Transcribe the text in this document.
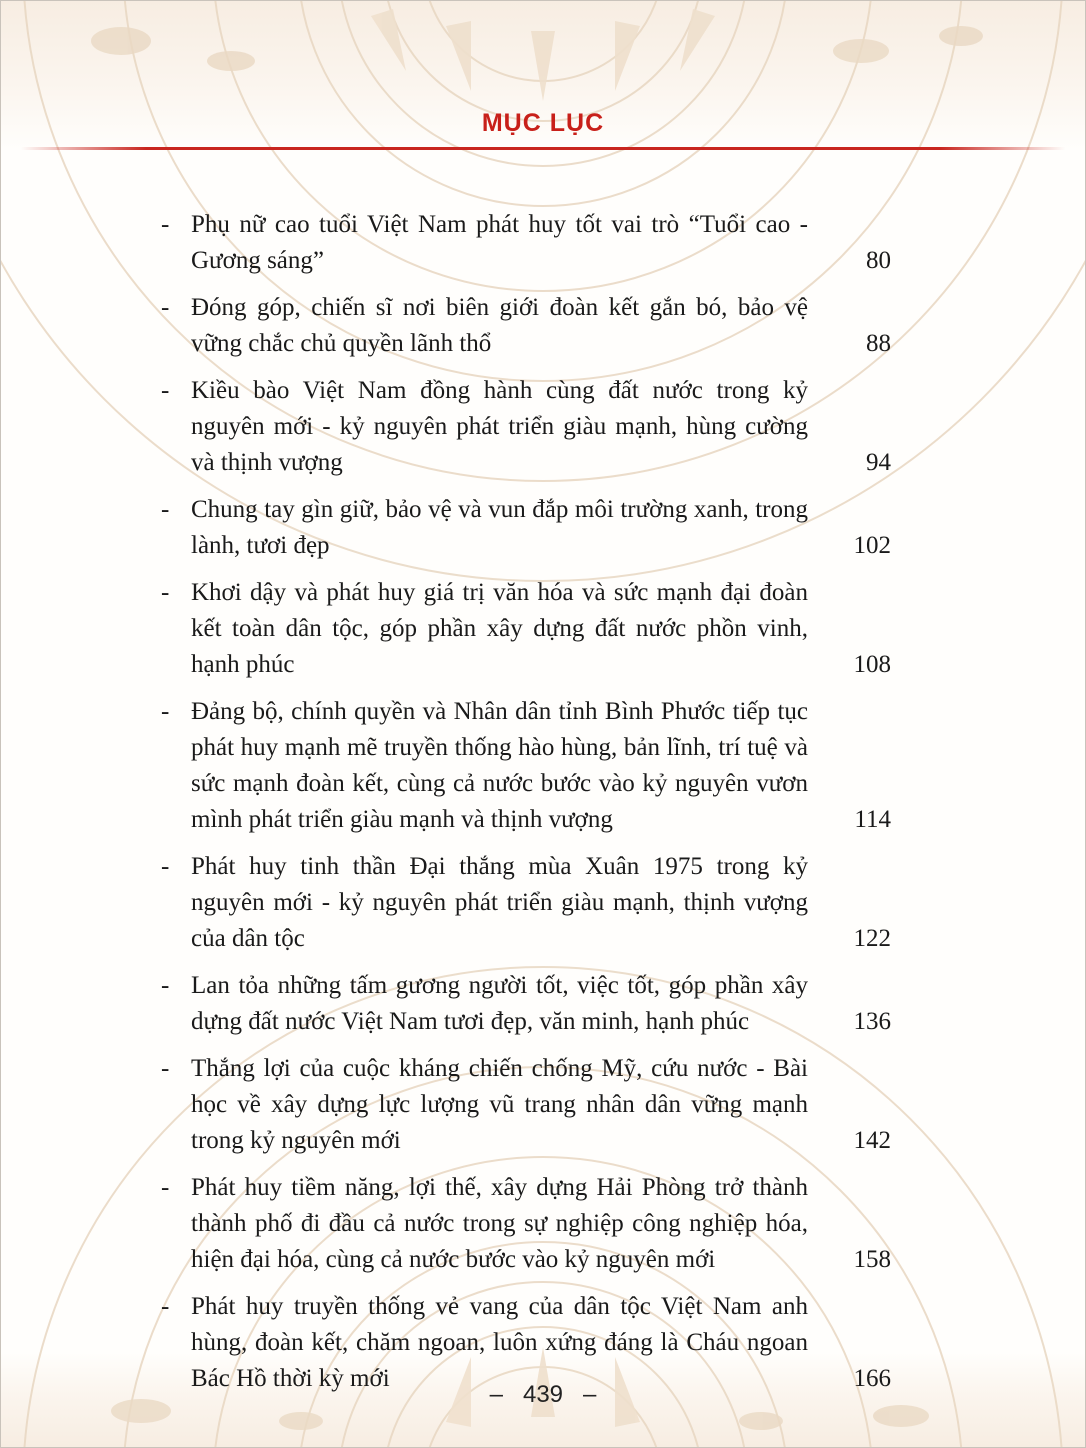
MỤC LỤC
- Phụ nữ cao tuổi Việt Nam phát huy tốt vai trò “Tuổi cao - Gương sáng”	80
- Đóng góp, chiến sĩ nơi biên giới đoàn kết gắn bó, bảo vệ vững chắc chủ quyền lãnh thổ	88
- Kiều bào Việt Nam đồng hành cùng đất nước trong kỷ nguyên mới - kỷ nguyên phát triển giàu mạnh, hùng cường và thịnh vượng	94
- Chung tay gìn giữ, bảo vệ và vun đắp môi trường xanh, trong lành, tươi đẹp	102
- Khơi dậy và phát huy giá trị văn hóa và sức mạnh đại đoàn kết toàn dân tộc, góp phần xây dựng đất nước phồn vinh, hạnh phúc	108
- Đảng bộ, chính quyền và Nhân dân tỉnh Bình Phước tiếp tục phát huy mạnh mẽ truyền thống hào hùng, bản lĩnh, trí tuệ và sức mạnh đoàn kết, cùng cả nước bước vào kỷ nguyên vươn mình phát triển giàu mạnh và thịnh vượng	114
- Phát huy tinh thần Đại thắng mùa Xuân 1975 trong kỷ nguyên mới - kỷ nguyên phát triển giàu mạnh, thịnh vượng của dân tộc	122
- Lan tỏa những tấm gương người tốt, việc tốt, góp phần xây dựng đất nước Việt Nam tươi đẹp, văn minh, hạnh phúc	136
- Thắng lợi của cuộc kháng chiến chống Mỹ, cứu nước - Bài học về xây dựng lực lượng vũ trang nhân dân vững mạnh trong kỷ nguyên mới	142
- Phát huy tiềm năng, lợi thế, xây dựng Hải Phòng trở thành thành phố đi đầu cả nước trong sự nghiệp công nghiệp hóa, hiện đại hóa, cùng cả nước bước vào kỷ nguyên mới	158
- Phát huy truyền thống vẻ vang của dân tộc Việt Nam anh hùng, đoàn kết, chăm ngoan, luôn xứng đáng là Cháu ngoan Bác Hồ thời kỳ mới	166
– 439 –
